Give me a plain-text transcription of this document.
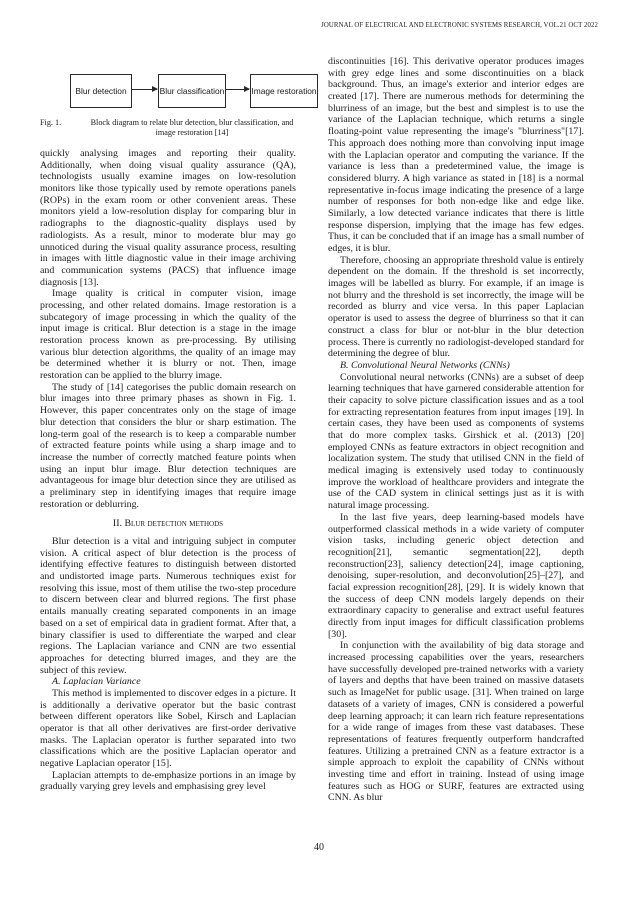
JOURNAL OF ELECTRICAL AND ELECTRONIC SYSTEMS RESEARCH, VOL.21 OCT 2022
Blur detection	Blur classification	Image restoration
Fig. 1.	Block diagram to relate blur detection, blur classification, and image restoration [14]

quickly analysing images and reporting their quality. Additionally, when doing visual quality assurance (QA), technologists usually examine images on low-resolution monitors like those typically used by remote operations panels (ROPs) in the exam room or other convenient areas. These monitors yield a low-resolution display for comparing blur in radiographs to the diagnostic-quality displays used by radiologists. As a result, minor to moderate blur may go unnoticed during the visual quality assurance process, resulting in images with little diagnostic value in their image archiving and communication systems (PACS) that influence image diagnosis [13].

Image quality is critical in computer vision, image processing, and other related domains. Image restoration is a subcategory of image processing in which the quality of the input image is critical. Blur detection is a stage in the image restoration process known as pre-processing. By utilising various blur detection algorithms, the quality of an image may be determined whether it is blurry or not. Then, image restoration can be applied to the blurry image.

The study of [14] categorises the public domain research on blur images into three primary phases as shown in Fig. 1. However, this paper concentrates only on the stage of image blur detection that considers the blur or sharp estimation. The long-term goal of the research is to keep a comparable number of extracted feature points while using a sharp image and to increase the number of correctly matched feature points when using an input blur image. Blur detection techniques are advantageous for image blur detection since they are utilised as a preliminary step in identifying images that require image restoration or deblurring.

II. Blur detection methods

Blur detection is a vital and intriguing subject in computer vision. A critical aspect of blur detection is the process of identifying effective features to distinguish between distorted and undistorted image parts. Numerous techniques exist for resolving this issue, most of them utilise the two-step procedure to discern between clear and blurred regions. The first phase entails manually creating separated components in an image based on a set of empirical data in gradient format. After that, a binary classifier is used to differentiate the warped and clear regions. The Laplacian variance and CNN are two essential approaches for detecting blurred images, and they are the subject of this review.

A. Laplacian Variance

This method is implemented to discover edges in a picture. It is additionally a derivative operator but the basic contrast between different operators like Sobel, Kirsch and Laplacian operator is that all other derivatives are first-order derivative masks. The Laplacian operator is further separated into two classifications which are the positive Laplacian operator and negative Laplacian operator [15].

Laplacian attempts to de-emphasize portions in an image by gradually varying grey levels and emphasising grey level

discontinuities [16]. This derivative operator produces images with grey edge lines and some discontinuities on a black background. Thus, an image's exterior and interior edges are created [17]. There are numerous methods for determining the blurriness of an image, but the best and simplest is to use the variance of the Laplacian technique, which returns a single floating-point value representing the image's "blurriness"[17]. This approach does nothing more than convolving input image with the Laplacian operator and computing the variance. If the variance is less than a predetermined value, the image is considered blurry. A high variance as stated in [18] is a normal representative in-focus image indicating the presence of a large number of responses for both non-edge like and edge like. Similarly, a low detected variance indicates that there is little response dispersion, implying that the image has few edges. Thus, it can be concluded that if an image has a small number of edges, it is blur.

Therefore, choosing an appropriate threshold value is entirely dependent on the domain. If the threshold is set incorrectly, images will be labelled as blurry. For example, if an image is not blurry and the threshold is set incorrectly, the image will be recorded as blurry and vice versa. In this paper Laplacian operator is used to assess the degree of blurriness so that it can construct a class for blur or not-blur in the blur detection process. There is currently no radiologist-developed standard for determining the degree of blur.

B. Convolutional Neural Networks (CNNs)

Convolutional neural networks (CNNs) are a subset of deep learning techniques that have garnered considerable attention for their capacity to solve picture classification issues and as a tool for extracting representation features from input images [19]. In certain cases, they have been used as components of systems that do more complex tasks. Girshick et al. (2013) [20] employed CNNs as feature extractors in object recognition and localization system. The study that utilised CNN in the field of medical imaging is extensively used today to continuously improve the workload of healthcare providers and integrate the use of the CAD system in clinical settings just as it is with natural image processing.

In the last five years, deep learning-based models have outperformed classical methods in a wide variety of computer vision tasks, including generic object detection and recognition[21], semantic segmentation[22], depth reconstruction[23], saliency detection[24], image captioning, denoising, super-resolution, and deconvolution[25]–[27], and facial expression recognition[28], [29]. It is widely known that the success of deep CNN models largely depends on their extraordinary capacity to generalise and extract useful features directly from input images for difficult classification problems [30].

In conjunction with the availability of big data storage and increased processing capabilities over the years, researchers have successfully developed pre-trained networks with a variety of layers and depths that have been trained on massive datasets such as ImageNet for public usage. [31]. When trained on large datasets of a variety of images, CNN is considered a powerful deep learning approach; it can learn rich feature representations for a wide range of images from these vast databases. These representations of features frequently outperform handcrafted features. Utilizing a pretrained CNN as a feature extractor is a simple approach to exploit the capability of CNNs without investing time and effort in training. Instead of using image features such as HOG or SURF, features are extracted using CNN. As blur

40
